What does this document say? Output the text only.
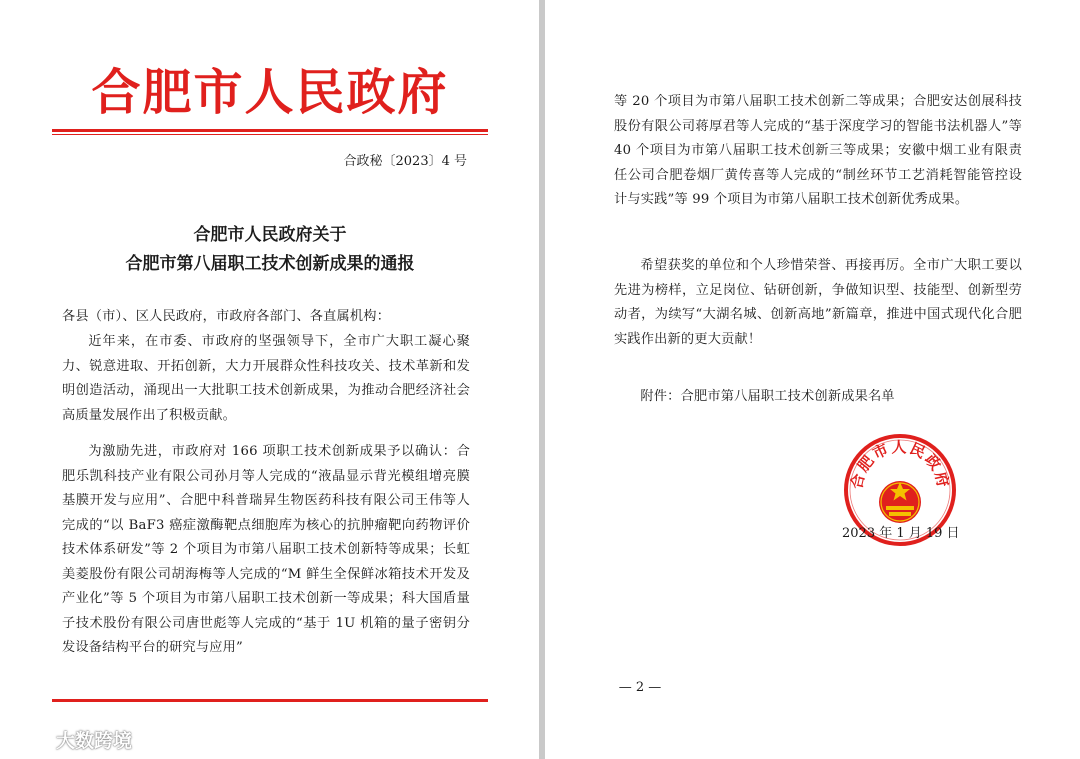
合肥市人民政府
合政秘〔2023〕4 号
合肥市人民政府关于
合肥市第八届职工技术创新成果的通报
各县（市）、区人民政府，市政府各部门、各直属机构：
近年来，在市委、市政府的坚强领导下，全市广大职工凝心聚力、锐意进取、开拓创新，大力开展群众性科技攻关、技术革新和发明创造活动，涌现出一大批职工技术创新成果，为推动合肥经济社会高质量发展作出了积极贡献。
为激励先进，市政府对 166 项职工技术创新成果予以确认：合肥乐凯科技产业有限公司孙月等人完成的“液晶显示背光模组增亮膜基膜开发与应用”、合肥中科普瑞昇生物医药科技有限公司王伟等人完成的“以 BaF3 癌症激酶靶点细胞库为核心的抗肿瘤靶向药物评价技术体系研发”等 2 个项目为市第八届职工技术创新特等成果；长虹美菱股份有限公司胡海梅等人完成的“M 鲜生全保鲜冰箱技术开发及产业化”等 5 个项目为市第八届职工技术创新一等成果；科大国盾量子技术股份有限公司唐世彪等人完成的“基于 1U 机箱的量子密钥分发设备结构平台的研究与应用”
等 20 个项目为市第八届职工技术创新二等成果；合肥安达创展科技股份有限公司蒋厚君等人完成的“基于深度学习的智能书法机器人”等 40 个项目为市第八届职工技术创新三等成果；安徽中烟工业有限责任公司合肥卷烟厂黄传喜等人完成的“制丝环节工艺消耗智能管控设计与实践”等 99 个项目为市第八届职工技术创新优秀成果。
希望获奖的单位和个人珍惜荣誉、再接再厉。全市广大职工要以先进为榜样，立足岗位、钻研创新，争做知识型、技能型、创新型劳动者，为续写“大湖名城、创新高地”新篇章，推进中国式现代化合肥实践作出新的更大贡献！
附件：合肥市第八届职工技术创新成果名单
合肥市人民政府
2023 年 1 月 19 日
— 2 —
大数跨境
